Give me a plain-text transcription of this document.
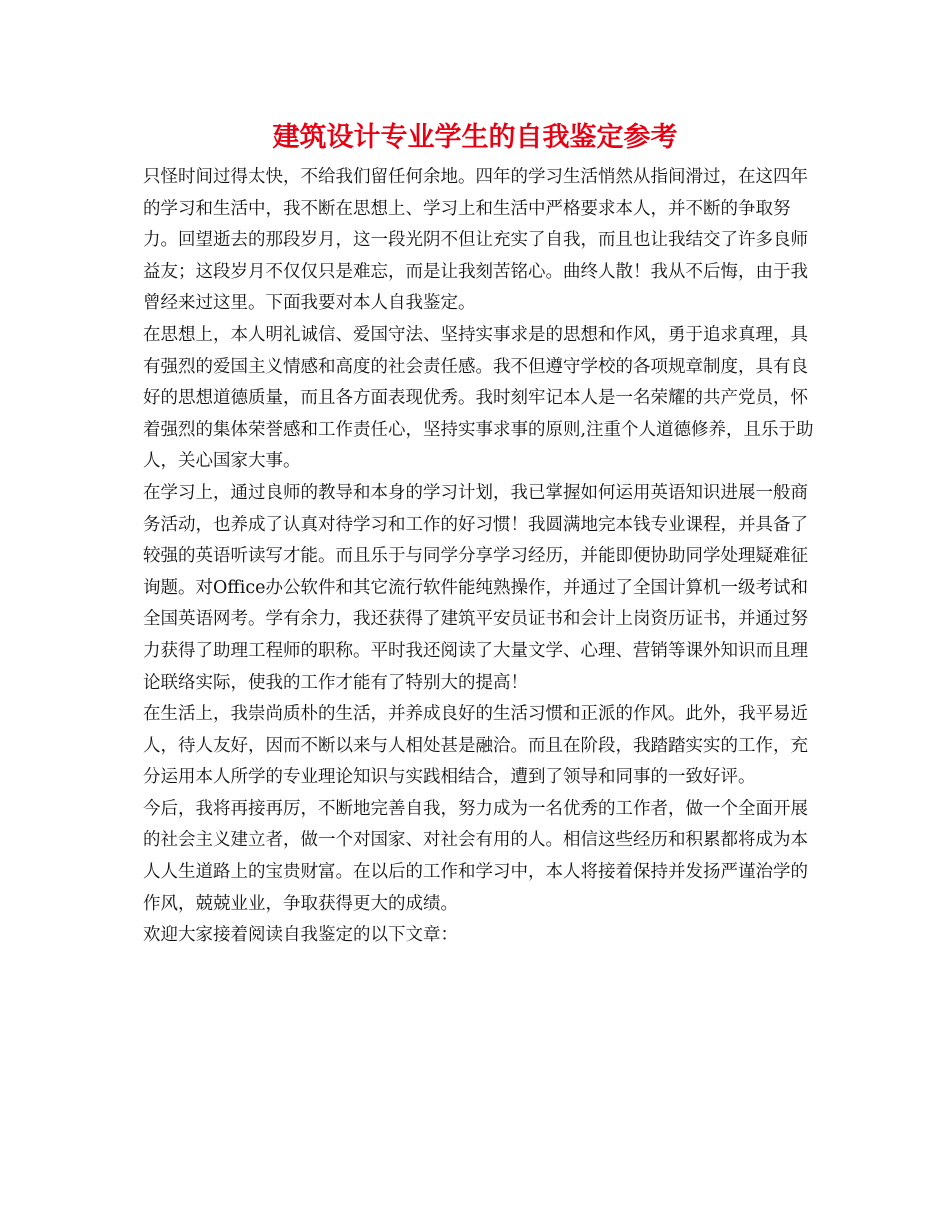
建筑设计专业学生的自我鉴定参考

只怪时间过得太快，不给我们留任何余地。四年的学习生活悄然从指间滑过，在这四年的学习和生活中，我不断在思想上、学习上和生活中严格要求本人，并不断的争取努力。回望逝去的那段岁月，这一段光阴不但让充实了自我，而且也让我结交了许多良师益友；这段岁月不仅仅只是难忘，而是让我刻苦铭心。曲终人散！我从不后悔，由于我曾经来过这里。下面我要对本人自我鉴定。

在思想上，本人明礼诚信、爱国守法、坚持实事求是的思想和作风，勇于追求真理，具有强烈的爱国主义情感和高度的社会责任感。我不但遵守学校的各项规章制度，具有良好的思想道德质量，而且各方面表现优秀。我时刻牢记本人是一名荣耀的共产党员，怀着强烈的集体荣誉感和工作责任心，坚持实事求事的原则,注重个人道德修养，且乐于助人，关心国家大事。

在学习上，通过良师的教导和本身的学习计划，我已掌握如何运用英语知识进展一般商务活动，也养成了认真对待学习和工作的好习惯！我圆满地完本钱专业课程，并具备了较强的英语听读写才能。而且乐于与同学分享学习经历，并能即便协助同学处理疑难征询题。对Office办公软件和其它流行软件能纯熟操作，并通过了全国计算机一级考试和全国英语网考。学有余力，我还获得了建筑平安员证书和会计上岗资历证书，并通过努力获得了助理工程师的职称。平时我还阅读了大量文学、心理、营销等课外知识而且理论联络实际，使我的工作才能有了特别大的提高！

在生活上，我崇尚质朴的生活，并养成良好的生活习惯和正派的作风。此外，我平易近人，待人友好，因而不断以来与人相处甚是融洽。而且在阶段，我踏踏实实的工作，充分运用本人所学的专业理论知识与实践相结合，遭到了领导和同事的一致好评。

今后，我将再接再厉，不断地完善自我，努力成为一名优秀的工作者，做一个全面开展的社会主义建立者，做一个对国家、对社会有用的人。相信这些经历和积累都将成为本人人生道路上的宝贵财富。在以后的工作和学习中，本人将接着保持并发扬严谨治学的作风，兢兢业业，争取获得更大的成绩。

欢迎大家接着阅读自我鉴定的以下文章：
